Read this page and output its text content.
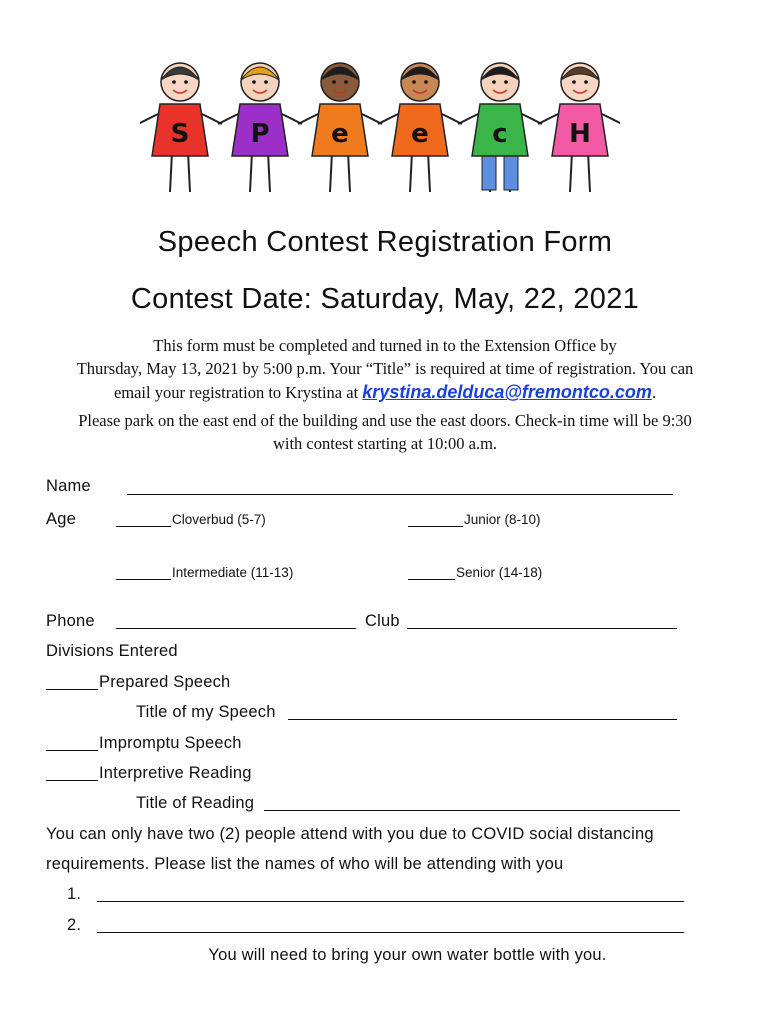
S P e e c H
Speech Contest Registration Form
Contest Date: Saturday, May, 22, 2021
This form must be completed and turned in to the Extension Office by
Thursday, May 13, 2021 by 5:00 p.m. Your “Title” is required at time of registration. You can
email your registration to Krystina at krystina.delduca@fremontco.com.
Please park on the east end of the building and use the east doors. Check-in time will be 9:30
with contest starting at 10:00 a.m.
Name
Age	Cloverbud (5-7)	Junior (8-10)
Intermediate (11-13)	Senior (14-18)
Phone	Club
Divisions Entered
Prepared Speech
Title of my Speech
Impromptu Speech
Interpretive Reading
Title of Reading
You can only have two (2) people attend with you due to COVID social distancing
requirements. Please list the names of who will be attending with you
1.
2.
You will need to bring your own water bottle with you.
